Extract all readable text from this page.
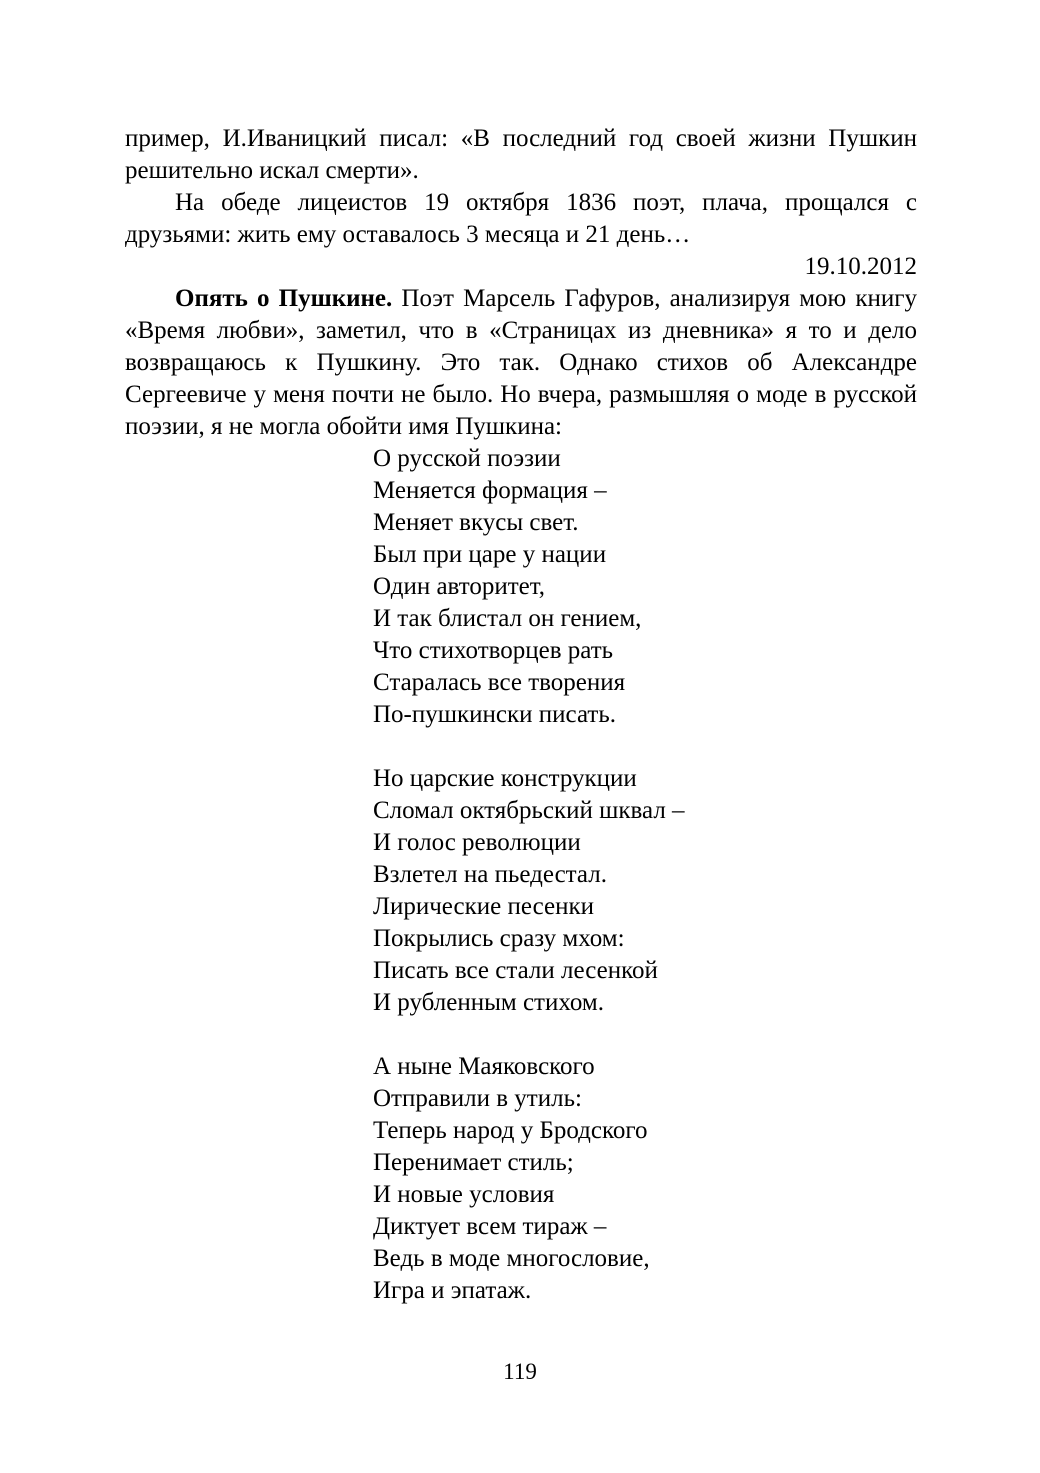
пример, И.Иваницкий писал: «В последний год своей жизни Пушкин решительно искал смерти».

На обеде лицеистов 19 октября 1836 поэт, плача, прощался с друзьями: жить ему оставалось 3 месяца и 21 день…

19.10.2012

Опять о Пушкине. Поэт Марсель Гафуров, анализируя мою книгу «Время любви», заметил, что в «Страницах из дневника» я то и дело возвращаюсь к Пушкину. Это так. Однако стихов об Александре Сергеевиче у меня почти не было. Но вчера, размышляя о моде в русской поэзии, я не могла обойти имя Пушкина:

О русской поэзии
Меняется формация –
Меняет вкусы свет.
Был при царе у нации
Один авторитет,
И так блистал он гением,
Что стихотворцев рать
Старалась все творения
По-пушкински писать.
Но царские конструкции
Сломал октябрьский шквал –
И голос революции
Взлетел на пьедестал.
Лирические песенки
Покрылись сразу мхом:
Писать все стали лесенкой
И рубленным стихом.
А ныне Маяковского
Отправили в утиль:
Теперь народ у Бродского
Перенимает стиль;
И новые условия
Диктует всем тираж –
Ведь в моде многословие,
Игра и эпатаж.
119
